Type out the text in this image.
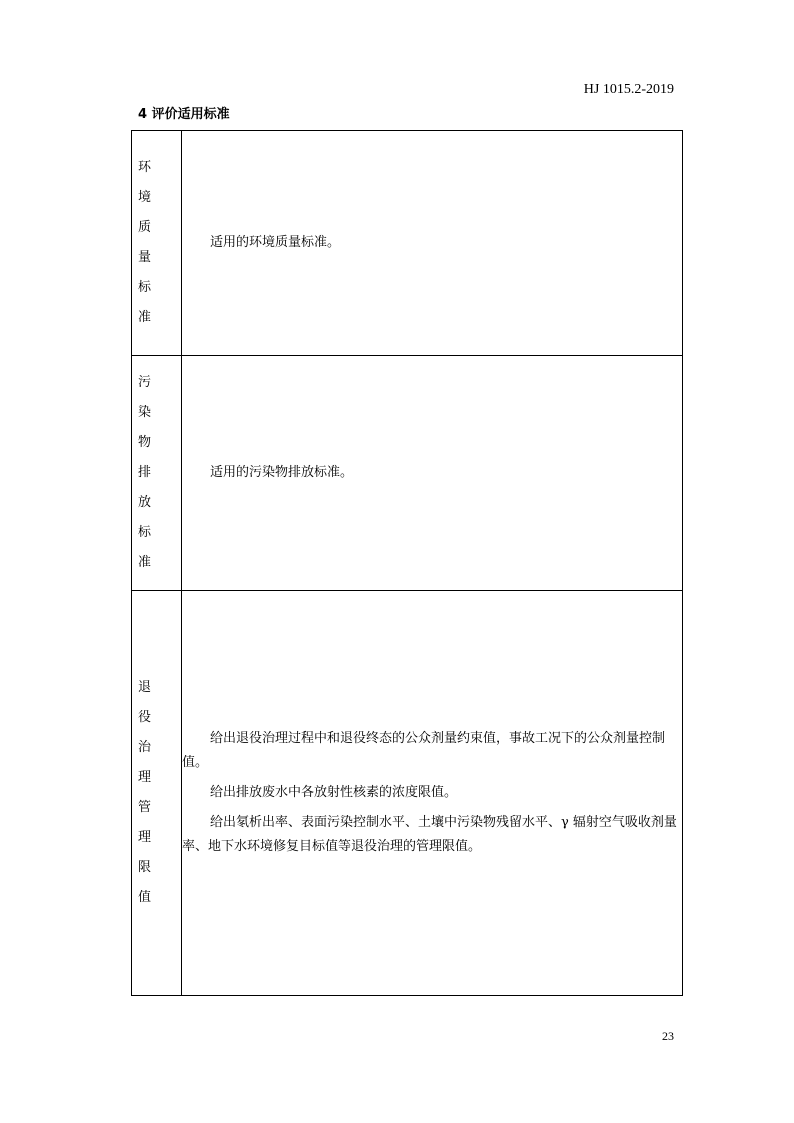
HJ 1015.2-2019
4 评价适用标准
环境质量标准	适用的环境质量标准。

污染物排放标准	适用的污染物排放标准。

退役治理管理限值	给出退役治理过程中和退役终态的公众剂量约束值，事故工况下的公众剂量控制值。

给出排放废水中各放射性核素的浓度限值。

给出氡析出率、表面污染控制水平、土壤中污染物残留水平、γ 辐射空气吸收剂量率、地下水环境修复目标值等退役治理的管理限值。

23
